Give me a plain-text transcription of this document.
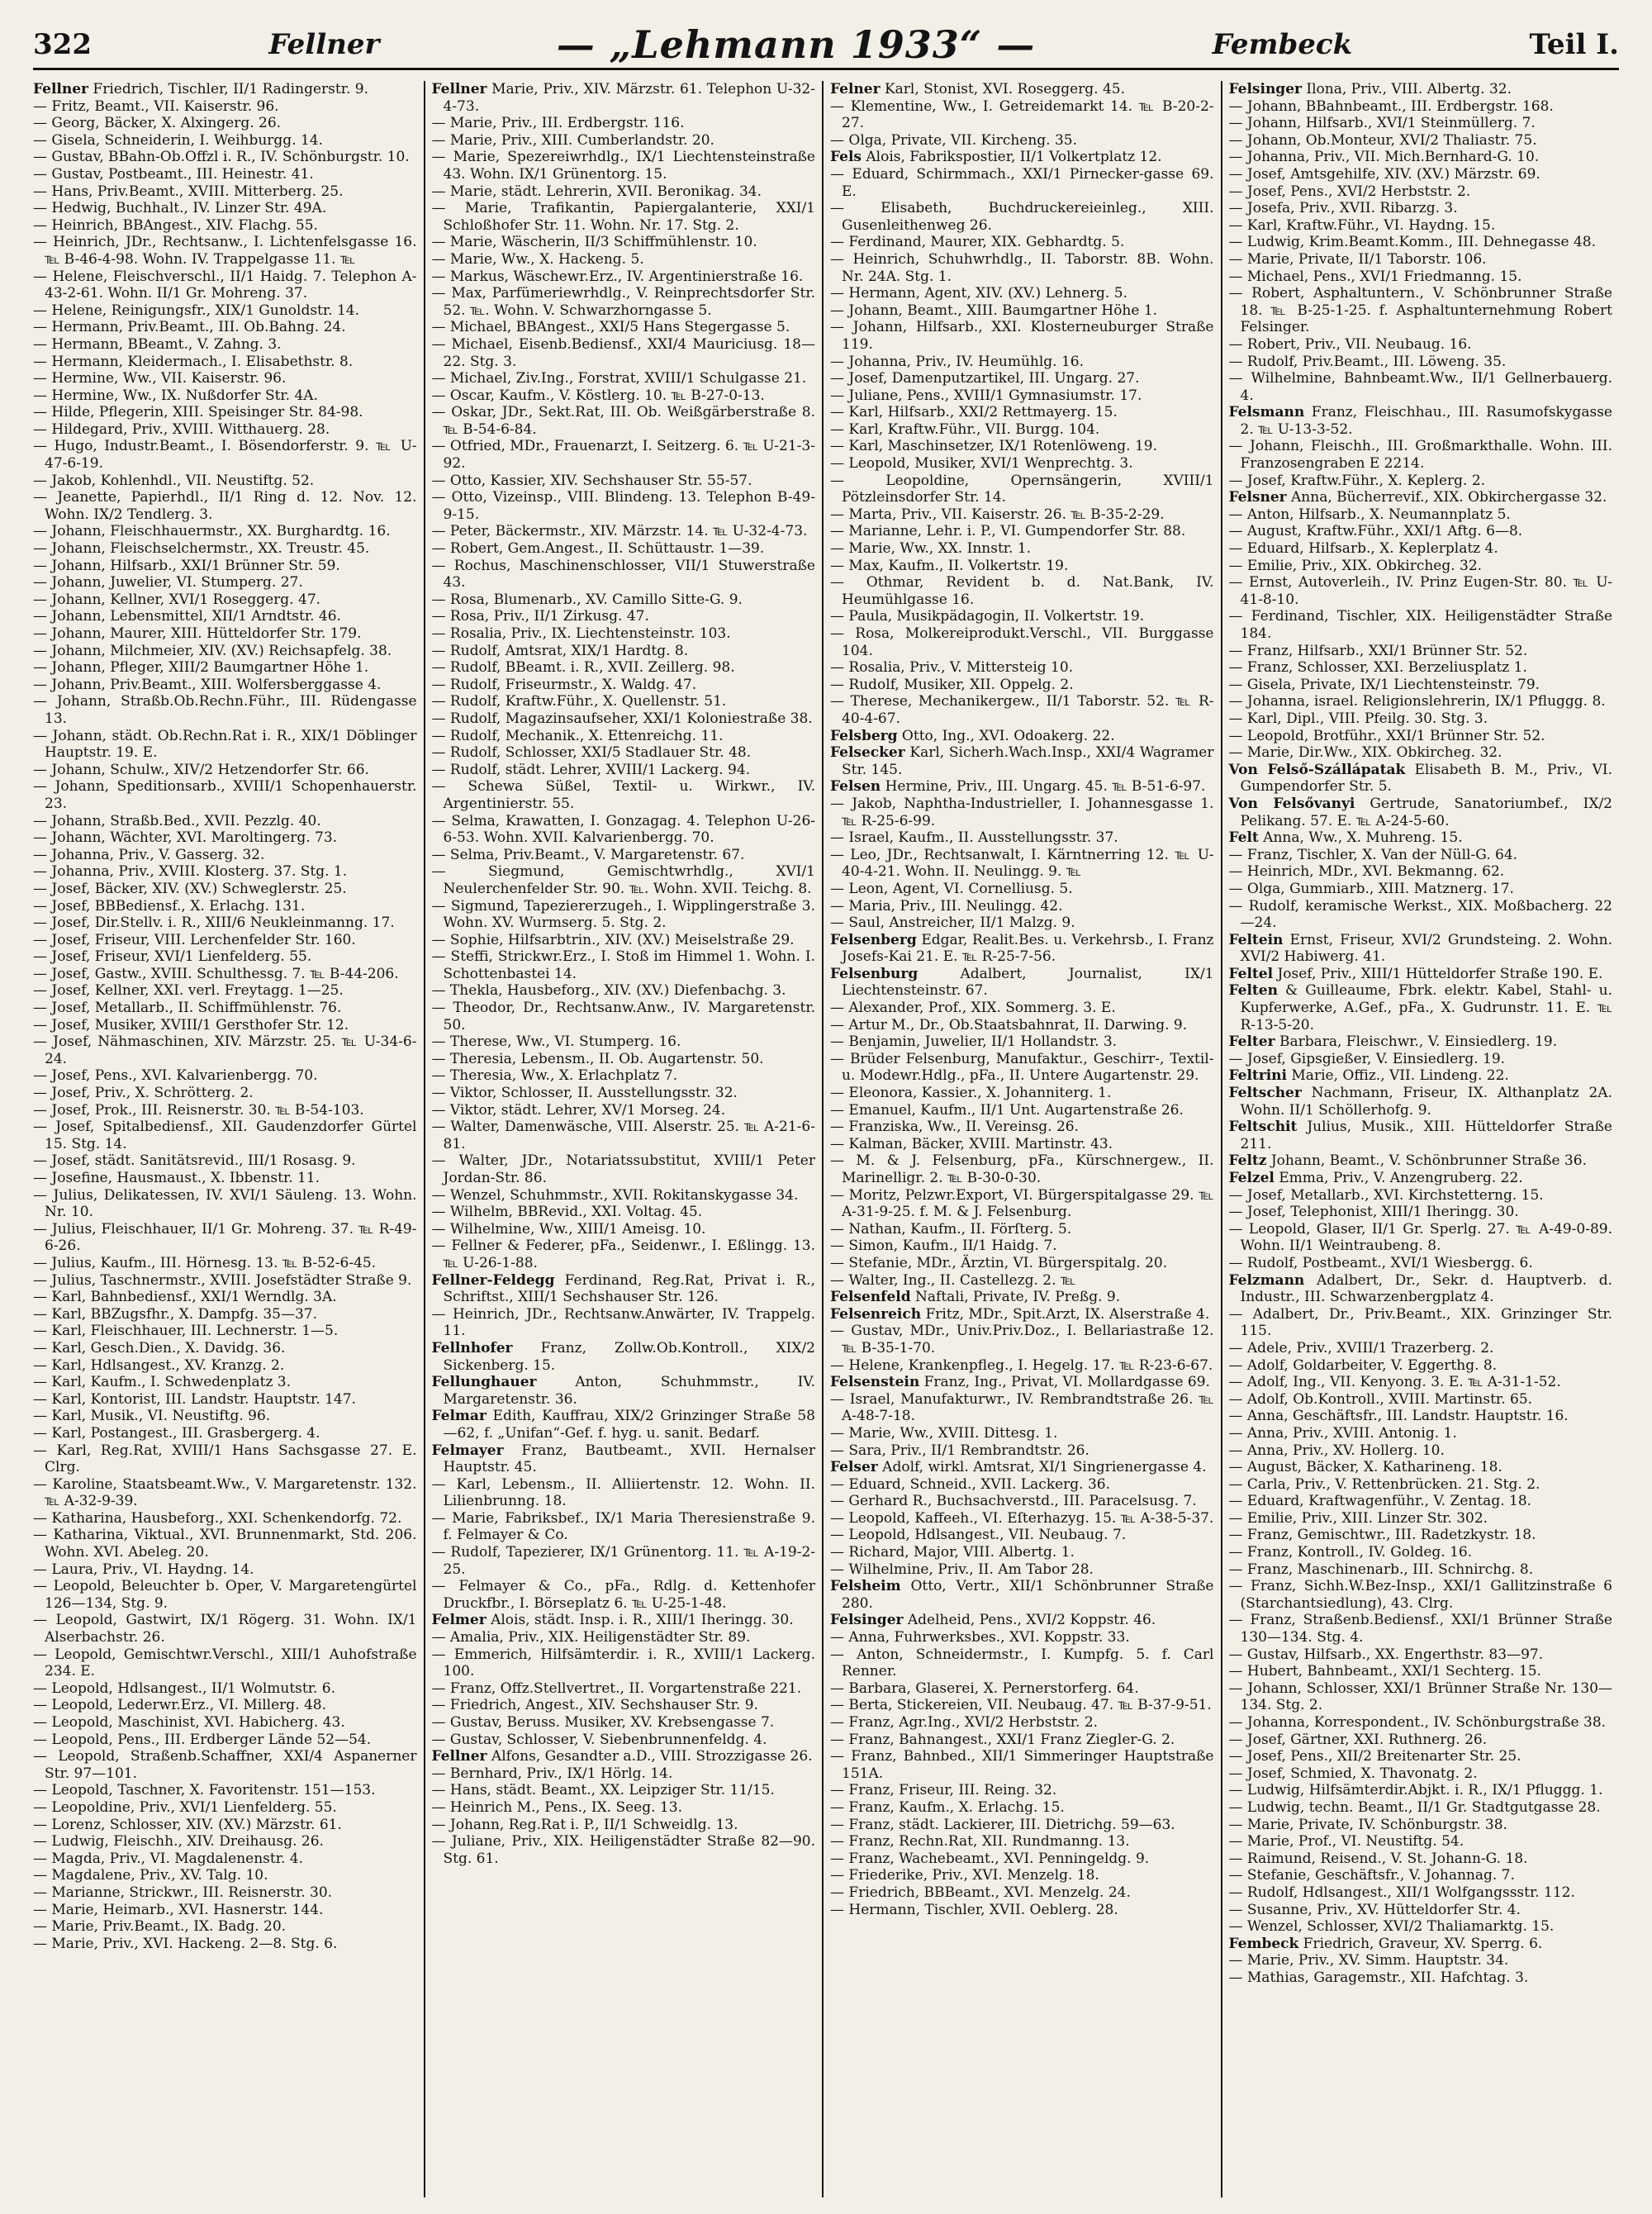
322	Fellner	— „Lehmann 1933“ —	Fembeck	Teil I.

Fellner Friedrich, Tischler, II/1 Radingerstr. 9.

— Fritz, Beamt., VII. Kaiserstr. 96.

— Georg, Bäcker, X. Alxingerg. 26.

— Gisela, Schneiderin, I. Weihburgg. 14.

— Gustav, BBahn-Ob.Offzl i. R., IV. Schönburgstr. 10.

— Gustav, Postbeamt., III. Heinestr. 41.

— Hans, Priv.Beamt., XVIII. Mitterberg. 25.

— Hedwig, Buchhalt., IV. Linzer Str. 49A.

— Heinrich, BBAngest., XIV. Flachg. 55.

— Heinrich, JDr., Rechtsanw., I. Lichtenfelsgasse 16. ℡ B-46-4-98. Wohn. IV. Trappelgasse 11. ℡

— Helene, Fleischverschl., II/1 Haidg. 7. Telephon A-43-2-61. Wohn. II/1 Gr. Mohreng. 37.

— Helene, Reinigungsfr., XIX/1 Gunoldstr. 14.

— Hermann, Priv.Beamt., III. Ob.Bahng. 24.

— Hermann, BBeamt., V. Zahng. 3.

— Hermann, Kleidermach., I. Elisabethstr. 8.

— Hermine, Ww., VII. Kaiserstr. 96.

— Hermine, Ww., IX. Nußdorfer Str. 4A.

— Hilde, Pflegerin, XIII. Speisinger Str. 84-98.

— Hildegard, Priv., XVIII. Witthauerg. 28.

— Hugo, Industr.Beamt., I. Bösendorferstr. 9. ℡ U-47-6-19.

— Jakob, Kohlenhdl., VII. Neustiftg. 52.

— Jeanette, Papierhdl., II/1 Ring d. 12. Nov. 12. Wohn. IX/2 Tendlerg. 3.

— Johann, Fleischhauermstr., XX. Burghardtg. 16.

— Johann, Fleischselchermstr., XX. Treustr. 45.

— Johann, Hilfsarb., XXI/1 Brünner Str. 59.

— Johann, Juwelier, VI. Stumperg. 27.

— Johann, Kellner, XVI/1 Roseggerg. 47.

— Johann, Lebensmittel, XII/1 Arndtstr. 46.

— Johann, Maurer, XIII. Hütteldorfer Str. 179.

— Johann, Milchmeier, XIV. (XV.) Reichsapfelg. 38.

— Johann, Pfleger, XIII/2 Baumgartner Höhe 1.

— Johann, Priv.Beamt., XIII. Wolfersberggasse 4.

— Johann, Straßb.Ob.Rechn.Führ., III. Rüdengasse 13.

— Johann, städt. Ob.Rechn.Rat i. R., XIX/1 Döblinger Hauptstr. 19. E.

— Johann, Schulw., XIV/2 Hetzendorfer Str. 66.

— Johann, Speditionsarb., XVIII/1 Schopenhauerstr. 23.

— Johann, Straßb.Bed., XVII. Pezzlg. 40.

— Johann, Wächter, XVI. Maroltingerg. 73.

— Johanna, Priv., V. Gasserg. 32.

— Johanna, Priv., XVIII. Klosterg. 37. Stg. 1.

— Josef, Bäcker, XIV. (XV.) Schweglerstr. 25.

— Josef, BBBediensf., X. Erlachg. 131.

— Josef, Dir.Stellv. i. R., XIII/6 Neukleinmanng. 17.

— Josef, Friseur, VIII. Lerchenfelder Str. 160.

— Josef, Friseur, XVI/1 Lienfelderg. 55.

— Josef, Gastw., XVIII. Schulthessg. 7. ℡ B-44-206.

— Josef, Kellner, XXI. verl. Freytagg. 1—25.

— Josef, Metallarb., II. Schiffmühlenstr. 76.

— Josef, Musiker, XVIII/1 Gersthofer Str. 12.

— Josef, Nähmaschinen, XIV. Märzstr. 25. ℡ U-34-6-24.

— Josef, Pens., XVI. Kalvarienbergg. 70.

— Josef, Priv., X. Schrötterg. 2.

— Josef, Prok., III. Reisnerstr. 30. ℡ B-54-103.

— Josef, Spitalbediensf., XII. Gaudenzdorfer Gürtel 15. Stg. 14.

— Josef, städt. Sanitätsrevid., III/1 Rosasg. 9.

— Josefine, Hausmaust., X. Ibbenstr. 11.

— Julius, Delikatessen, IV. XVI/1 Säuleng. 13. Wohn. Nr. 10.

— Julius, Fleischhauer, II/1 Gr. Mohreng. 37. ℡ R-49-6-26.

— Julius, Kaufm., III. Hörnesg. 13. ℡ B-52-6-45.

— Julius, Taschnermstr., XVIII. Josefstädter Straße 9.

— Karl, Bahnbediensf., XXI/1 Werndlg. 3A.

— Karl, BBZugsfhr., X. Dampfg. 35—37.

— Karl, Fleischhauer, III. Lechnerstr. 1—5.

— Karl, Gesch.Dien., X. Davidg. 36.

— Karl, Hdlsangest., XV. Kranzg. 2.

— Karl, Kaufm., I. Schwedenplatz 3.

— Karl, Kontorist, III. Landstr. Hauptstr. 147.

— Karl, Musik., VI. Neustiftg. 96.

— Karl, Postangest., III. Grasbergerg. 4.

— Karl, Reg.Rat, XVIII/1 Hans Sachsgasse 27. E. Clrg.

— Karoline, Staatsbeamt.Ww., V. Margaretenstr. 132. ℡ A-32-9-39.

— Katharina, Hausbeforg., XXI. Schenkendorfg. 72.

— Katharina, Viktual., XVI. Brunnenmarkt, Std. 206. Wohn. XVI. Abeleg. 20.

— Laura, Priv., VI. Haydng. 14.

— Leopold, Beleuchter b. Oper, V. Margaretengürtel 126—134, Stg. 9.

— Leopold, Gastwirt, IX/1 Rögerg. 31. Wohn. IX/1 Alserbachstr. 26.

— Leopold, Gemischtwr.Verschl., XIII/1 Auhofstraße 234. E.

— Leopold, Hdlsangest., II/1 Wolmutstr. 6.

— Leopold, Lederwr.Erz., VI. Millerg. 48.

— Leopold, Maschinist, XVI. Habicherg. 43.

— Leopold, Pens., III. Erdberger Lände 52—54.

— Leopold, Straßenb.Schaffner, XXI/4 Aspanerner Str. 97—101.

— Leopold, Taschner, X. Favoritenstr. 151—153.

— Leopoldine, Priv., XVI/1 Lienfelderg. 55.

— Lorenz, Schlosser, XIV. (XV.) Märzstr. 61.

— Ludwig, Fleischh., XIV. Dreihausg. 26.

— Magda, Priv., VI. Magdalenenstr. 4.

— Magdalene, Priv., XV. Talg. 10.

— Marianne, Strickwr., III. Reisnerstr. 30.

— Marie, Heimarb., XVI. Hasnerstr. 144.

— Marie, Priv.Beamt., IX. Badg. 20.

— Marie, Priv., XVI. Hackeng. 2—8. Stg. 6.

Fellner Marie, Priv., XIV. Märzstr. 61. Telephon U-32-4-73.

— Marie, Priv., III. Erdbergstr. 116.

— Marie, Priv., XIII. Cumberlandstr. 20.

— Marie, Spezereiwrhdlg., IX/1 Liechtensteinstraße 43. Wohn. IX/1 Grünentorg. 15.

— Marie, städt. Lehrerin, XVII. Beronikag. 34.

— Marie, Trafikantin, Papiergalanterie, XXI/1 Schloßhofer Str. 11. Wohn. Nr. 17. Stg. 2.

— Marie, Wäscherin, II/3 Schiffmühlenstr. 10.

— Marie, Ww., X. Hackeng. 5.

— Markus, Wäschewr.Erz., IV. Argentinierstraße 16.

— Max, Parfümeriewrhdlg., V. Reinprechtsdorfer Str. 52. ℡. Wohn. V. Schwarzhorngasse 5.

— Michael, BBAngest., XXI/5 Hans Stegergasse 5.

— Michael, Eisenb.Bediensf., XXI/4 Mauriciusg. 18—22. Stg. 3.

— Michael, Ziv.Ing., Forstrat, XVIII/1 Schulgasse 21.

— Oscar, Kaufm., V. Köstlerg. 10. ℡ B-27-0-13.

— Oskar, JDr., Sekt.Rat, III. Ob. Weißgärberstraße 8. ℡ B-54-6-84.

— Otfried, MDr., Frauenarzt, I. Seitzerg. 6. ℡ U-21-3-92.

— Otto, Kassier, XIV. Sechshauser Str. 55-57.

— Otto, Vizeinsp., VIII. Blindeng. 13. Telephon B-49-9-15.

— Peter, Bäckermstr., XIV. Märzstr. 14. ℡ U-32-4-73.

— Robert, Gem.Angest., II. Schüttaustr. 1—39.

— Rochus, Maschinenschlosser, VII/1 Stuwerstraße 43.

— Rosa, Blumenarb., XV. Camillo Sitte-G. 9.

— Rosa, Priv., II/1 Zirkusg. 47.

— Rosalia, Priv., IX. Liechtensteinstr. 103.

— Rudolf, Amtsrat, XIX/1 Hardtg. 8.

— Rudolf, BBeamt. i. R., XVII. Zeillerg. 98.

— Rudolf, Friseurmstr., X. Waldg. 47.

— Rudolf, Kraftw.Führ., X. Quellenstr. 51.

— Rudolf, Magazinsaufseher, XXI/1 Koloniestraße 38.

— Rudolf, Mechanik., X. Ettenreichg. 11.

— Rudolf, Schlosser, XXI/5 Stadlauer Str. 48.

— Rudolf, städt. Lehrer, XVIII/1 Lackerg. 94.

— Schewa Süßel, Textil- u. Wirkwr., IV. Argentinierstr. 55.

— Selma, Krawatten, I. Gonzagag. 4. Telephon U-26-6-53. Wohn. XVII. Kalvarienbergg. 70.

— Selma, Priv.Beamt., V. Margaretenstr. 67.

— Siegmund, Gemischtwrhdlg., XVI/1 Neulerchenfelder Str. 90. ℡. Wohn. XVII. Teichg. 8.

— Sigmund, Tapeziererzugeh., I. Wipplingerstraße 3. Wohn. XV. Wurmserg. 5. Stg. 2.

— Sophie, Hilfsarbtrin., XIV. (XV.) Meiselstraße 29.

— Steffi, Strickwr.Erz., I. Stoß im Himmel 1. Wohn. I. Schottenbastei 14.

— Thekla, Hausbeforg., XIV. (XV.) Diefenbachg. 3.

— Theodor, Dr., Rechtsanw.Anw., IV. Margaretenstr. 50.

— Therese, Ww., VI. Stumperg. 16.

— Theresia, Lebensm., II. Ob. Augartenstr. 50.

— Theresia, Ww., X. Erlachplatz 7.

— Viktor, Schlosser, II. Ausstellungsstr. 32.

— Viktor, städt. Lehrer, XV/1 Morseg. 24.

— Walter, Damenwäsche, VIII. Alserstr. 25. ℡ A-21-6-81.

— Walter, JDr., Notariatssubstitut, XVIII/1 Peter Jordan-Str. 86.

— Wenzel, Schuhmmstr., XVII. Rokitanskygasse 34.

— Wilhelm, BBRevid., XXI. Voltag. 45.

— Wilhelmine, Ww., XIII/1 Ameisg. 10.

— Fellner & Federer, pFa., Seidenwr., I. Eßlingg. 13. ℡ U-26-1-88.

Fellner-Feldegg Ferdinand, Reg.Rat, Privat i. R., Schriftst., XIII/1 Sechshauser Str. 126.

— Heinrich, JDr., Rechtsanw.Anwärter, IV. Trappelg. 11.

Fellnhofer Franz, Zollw.Ob.Kontroll., XIX/2 Sickenberg. 15.

Fellunghauer Anton, Schuhmmstr., IV. Margaretenstr. 36.

Felmar Edith, Kauffrau, XIX/2 Grinzinger Straße 58—62, f. „Unifan“-Gef. f. hyg. u. sanit. Bedarf.

Felmayer Franz, Bautbeamt., XVII. Hernalser Hauptstr. 45.

— Karl, Lebensm., II. Alliiertenstr. 12. Wohn. II. Lilienbrunng. 18.

— Marie, Fabriksbef., IX/1 Maria Theresienstraße 9. f. Felmayer & Co.

— Rudolf, Tapezierer, IX/1 Grünentorg. 11. ℡ A-19-2-25.

— Felmayer & Co., pFa., Rdlg. d. Kettenhofer Druckfbr., I. Börseplatz 6. ℡ U-25-1-48.

Felmer Alois, städt. Insp. i. R., XIII/1 Iheringg. 30.

— Amalia, Priv., XIX. Heiligenstädter Str. 89.

— Emmerich, Hilfsämterdir. i. R., XVIII/1 Lackerg. 100.

— Franz, Offz.Stellvertret., II. Vorgartenstraße 221.

— Friedrich, Angest., XIV. Sechshauser Str. 9.

— Gustav, Beruss. Musiker, XV. Krebsengasse 7.

— Gustav, Schlosser, V. Siebenbrunnenfeldg. 4.

Fellner Alfons, Gesandter a.D., VIII. Strozzigasse 26.

— Bernhard, Priv., IX/1 Hörlg. 14.

— Hans, städt. Beamt., XX. Leipziger Str. 11/15.

— Heinrich M., Pens., IX. Seeg. 13.

— Johann, Reg.Rat i. P., II/1 Schweidlg. 13.

— Juliane, Priv., XIX. Heiligenstädter Straße 82—90. Stg. 61.

Felner Karl, Stonist, XVI. Roseggerg. 45.

— Klementine, Ww., I. Getreidemarkt 14. ℡ B-20-2-27.

— Olga, Private, VII. Kircheng. 35.

Fels Alois, Fabrikspostier, II/1 Volkertplatz 12.

— Eduard, Schirmmach., XXI/1 Pirnecker-gasse 69. E.

— Elisabeth, Buchdruckereieinleg., XIII. Gusenleithenweg 26.

— Ferdinand, Maurer, XIX. Gebhardtg. 5.

— Heinrich, Schuhwrhdlg., II. Taborstr. 8B. Wohn. Nr. 24A. Stg. 1.

— Hermann, Agent, XIV. (XV.) Lehnerg. 5.

— Johann, Beamt., XIII. Baumgartner Höhe 1.

— Johann, Hilfsarb., XXI. Klosterneuburger Straße 119.

— Johanna, Priv., IV. Heumühlg. 16.

— Josef, Damenputzartikel, III. Ungarg. 27.

— Juliane, Pens., XVIII/1 Gymnasiumstr. 17.

— Karl, Hilfsarb., XXI/2 Rettmayerg. 15.

— Karl, Kraftw.Führ., VII. Burgg. 104.

— Karl, Maschinsetzer, IX/1 Rotenlöweng. 19.

— Leopold, Musiker, XVI/1 Wenprechtg. 3.

— Leopoldine, Opernsängerin, XVIII/1 Pötzleinsdorfer Str. 14.

— Marta, Priv., VII. Kaiserstr. 26. ℡ B-35-2-29.

— Marianne, Lehr. i. P., VI. Gumpendorfer Str. 88.

— Marie, Ww., XX. Innstr. 1.

— Max, Kaufm., II. Volkertstr. 19.

— Othmar, Revident b. d. Nat.Bank, IV. Heumühlgasse 16.

— Paula, Musikpädagogin, II. Volkertstr. 19.

— Rosa, Molkereiprodukt.Verschl., VII. Burggasse 104.

— Rosalia, Priv., V. Mittersteig 10.

— Rudolf, Musiker, XII. Oppelg. 2.

— Therese, Mechanikergew., II/1 Taborstr. 52. ℡ R-40-4-67.

Felsberg Otto, Ing., XVI. Odoakerg. 22.

Felsecker Karl, Sicherh.Wach.Insp., XXI/4 Wagramer Str. 145.

Felsen Hermine, Priv., III. Ungarg. 45. ℡ B-51-6-97.

— Jakob, Naphtha-Industrieller, I. Johannesgasse 1. ℡ R-25-6-99.

— Israel, Kaufm., II. Ausstellungsstr. 37.

— Leo, JDr., Rechtsanwalt, I. Kärntnerring 12. ℡ U-40-4-21. Wohn. II. Neulingg. 9. ℡

— Leon, Agent, VI. Cornelliusg. 5.

— Maria, Priv., III. Neulingg. 42.

— Saul, Anstreicher, II/1 Malzg. 9.

Felsenberg Edgar, Realit.Bes. u. Verkehrsb., I. Franz Josefs-Kai 21. E. ℡ R-25-7-56.

Felsenburg Adalbert, Journalist, IX/1 Liechtensteinstr. 67.

— Alexander, Prof., XIX. Sommerg. 3. E.

— Artur M., Dr., Ob.Staatsbahnrat, II. Darwing. 9.

— Benjamin, Juwelier, II/1 Hollandstr. 3.

— Brüder Felsenburg, Manufaktur., Geschirr-, Textil- u. Modewr.Hdlg., pFa., II. Untere Augartenstr. 29.

— Eleonora, Kassier., X. Johanniterg. 1.

— Emanuel, Kaufm., II/1 Unt. Augartenstraße 26.

— Franziska, Ww., II. Vereinsg. 26.

— Kalman, Bäcker, XVIII. Martinstr. 43.

— M. & J. Felsenburg, pFa., Kürschnergew., II. Marinelligr. 2. ℡ B-30-0-30.

— Moritz, Pelzwr.Export, VI. Bürgerspitalgasse 29. ℡ A-31-9-25. f. M. & J. Felsenburg.

— Nathan, Kaufm., II. Förſterg. 5.

— Simon, Kaufm., II/1 Haidg. 7.

— Stefanie, MDr., Ärztin, VI. Bürgerspitalg. 20.

— Walter, Ing., II. Castellezg. 2. ℡

Felsenfeld Naftali, Private, IV. Preßg. 9.

Felsenreich Fritz, MDr., Spit.Arzt, IX. Alserstraße 4.

— Gustav, MDr., Univ.Priv.Doz., I. Bellariastraße 12. ℡ B-35-1-70.

— Helene, Krankenpfleg., I. Hegelg. 17. ℡ R-23-6-67.

Felsenstein Franz, Ing., Privat, VI. Mollardgasse 69.

— Israel, Manufakturwr., IV. Rembrandtstraße 26. ℡ A-48-7-18.

— Marie, Ww., XVIII. Dittesg. 1.

— Sara, Priv., II/1 Rembrandtstr. 26.

Felser Adolf, wirkl. Amtsrat, XI/1 Singrienergasse 4.

— Eduard, Schneid., XVII. Lackerg. 36.

— Gerhard R., Buchsachverstd., III. Paracelsusg. 7.

— Leopold, Kaffeeh., VI. Eſterhazyg. 15. ℡ A-38-5-37.

— Leopold, Hdlsangest., VII. Neubaug. 7.

— Richard, Major, VIII. Albertg. 1.

— Wilhelmine, Priv., II. Am Tabor 28.

Felsheim Otto, Vertr., XII/1 Schönbrunner Straße 280.

Felsinger Adelheid, Pens., XVI/2 Koppstr. 46.

— Anna, Fuhrwerksbes., XVI. Koppstr. 33.

— Anton, Schneidermstr., I. Kumpfg. 5. f. Carl Renner.

— Barbara, Glaserei, X. Pernerstorferg. 64.

— Berta, Stickereien, VII. Neubaug. 47. ℡ B-37-9-51.

— Franz, Agr.Ing., XVI/2 Herbststr. 2.

— Franz, Bahnangest., XXI/1 Franz Ziegler-G. 2.

— Franz, Bahnbed., XII/1 Simmeringer Hauptstraße 151A.

— Franz, Friseur, III. Reing. 32.

— Franz, Kaufm., X. Erlachg. 15.

— Franz, städt. Lackierer, III. Dietrichg. 59—63.

— Franz, Rechn.Rat, XII. Rundmanng. 13.

— Franz, Wachebeamt., XVI. Penningeldg. 9.

— Friederike, Priv., XVI. Menzelg. 18.

— Friedrich, BBBeamt., XVI. Menzelg. 24.

— Hermann, Tischler, XVII. Oeblerg. 28.

Felsinger Ilona, Priv., VIII. Albertg. 32.

— Johann, BBahnbeamt., III. Erdbergstr. 168.

— Johann, Hilfsarb., XVI/1 Steinmüllerg. 7.

— Johann, Ob.Monteur, XVI/2 Thaliastr. 75.

— Johanna, Priv., VII. Mich.Bernhard-G. 10.

— Josef, Amtsgehilfe, XIV. (XV.) Märzstr. 69.

— Josef, Pens., XVI/2 Herbststr. 2.

— Josefa, Priv., XVII. Ribarzg. 3.

— Karl, Kraftw.Führ., VI. Haydng. 15.

— Ludwig, Krim.Beamt.Komm., III. Dehnegasse 48.

— Marie, Private, II/1 Taborstr. 106.

— Michael, Pens., XVI/1 Friedmanng. 15.

— Robert, Asphaltuntern., V. Schönbrunner Straße 18. ℡ B-25-1-25. f. Asphaltunternehmung Robert Felsinger.

— Robert, Priv., VII. Neubaug. 16.

— Rudolf, Priv.Beamt., III. Löweng. 35.

— Wilhelmine, Bahnbeamt.Ww., II/1 Gellnerbauerg. 4.

Felsmann Franz, Fleischhau., III. Rasumofskygasse 2. ℡ U-13-3-52.

— Johann, Fleischh., III. Großmarkthalle. Wohn. III. Franzosengraben E 2214.

— Josef, Kraftw.Führ., X. Keplerg. 2.

Felsner Anna, Bücherrevif., XIX. Obkirchergasse 32.

— Anton, Hilfsarb., X. Neumannplatz 5.

— August, Kraftw.Führ., XXI/1 Aftg. 6—8.

— Eduard, Hilfsarb., X. Keplerplatz 4.

— Emilie, Priv., XIX. Obkircheg. 32.

— Ernst, Autoverleih., IV. Prinz Eugen-Str. 80. ℡ U-41-8-10.

— Ferdinand, Tischler, XIX. Heiligenstädter Straße 184.

— Franz, Hilfsarb., XXI/1 Brünner Str. 52.

— Franz, Schlosser, XXI. Berzeliusplatz 1.

— Gisela, Private, IX/1 Liechtensteinstr. 79.

— Johanna, israel. Religionslehrerin, IX/1 Pfluggg. 8.

— Karl, Dipl., VIII. Pfeilg. 30. Stg. 3.

— Leopold, Brotführ., XXI/1 Brünner Str. 52.

— Marie, Dir.Ww., XIX. Obkircheg. 32.

Von Felső-Szállápatak Elisabeth B. M., Priv., VI. Gumpendorfer Str. 5.

Von Felsővanyi Gertrude, Sanatoriumbef., IX/2 Pelikang. 57. E. ℡ A-24-5-60.

Felt Anna, Ww., X. Muhreng. 15.

— Franz, Tischler, X. Van der Nüll-G. 64.

— Heinrich, MDr., XVI. Bekmanng. 62.

— Olga, Gummiarb., XIII. Matznerg. 17.

— Rudolf, keramische Werkst., XIX. Moßbacherg. 22—24.

Feltein Ernst, Friseur, XVI/2 Grundsteing. 2. Wohn. XVI/2 Habiwerg. 41.

Feltel Josef, Priv., XIII/1 Hütteldorfer Straße 190. E.

Felten & Guilleaume, Fbrk. elektr. Kabel, Stahl- u. Kupferwerke, A.Gef., pFa., X. Gudrunstr. 11. E. ℡ R-13-5-20.

Felter Barbara, Fleischwr., V. Einsiedlerg. 19.

— Josef, Gipsgießer, V. Einsiedlerg. 19.

Feltrini Marie, Offiz., VII. Lindeng. 22.

Feltscher Nachmann, Friseur, IX. Althanplatz 2A. Wohn. II/1 Schöllerhofg. 9.

Feltschit Julius, Musik., XIII. Hütteldorfer Straße 211.

Feltz Johann, Beamt., V. Schönbrunner Straße 36.

Felzel Emma, Priv., V. Anzengruberg. 22.

— Josef, Metallarb., XVI. Kirchstetterng. 15.

— Josef, Telephonist, XIII/1 Iheringg. 30.

— Leopold, Glaser, II/1 Gr. Sperlg. 27. ℡ A-49-0-89. Wohn. II/1 Weintraubeng. 8.

— Rudolf, Postbeamt., XVI/1 Wiesbergg. 6.

Felzmann Adalbert, Dr., Sekr. d. Hauptverb. d. Industr., III. Schwarzenbergplatz 4.

— Adalbert, Dr., Priv.Beamt., XIX. Grinzinger Str. 115.

— Adele, Priv., XVIII/1 Trazerberg. 2.

— Adolf, Goldarbeiter, V. Eggerthg. 8.

— Adolf, Ing., VII. Kenyong. 3. E. ℡ A-31-1-52.

— Adolf, Ob.Kontroll., XVIII. Martinstr. 65.

— Anna, Geschäftsfr., III. Landstr. Hauptstr. 16.

— Anna, Priv., XVIII. Antonig. 1.

— Anna, Priv., XV. Hollerg. 10.

— August, Bäcker, X. Katharineng. 18.

— Carla, Priv., V. Rettenbrücken. 21. Stg. 2.

— Eduard, Kraftwagenführ., V. Zentag. 18.

— Emilie, Priv., XIII. Linzer Str. 302.

— Franz, Gemischtwr., III. Radetzkystr. 18.

— Franz, Kontroll., IV. Goldeg. 16.

— Franz, Maschinenarb., III. Schnirchg. 8.

— Franz, Sichh.W.Bez-Insp., XXI/1 Gallitzinstraße 6 (Starchantsiedlung), 43. Clrg.

— Franz, Straßenb.Bediensf., XXI/1 Brünner Straße 130—134. Stg. 4.

— Gustav, Hilfsarb., XX. Engerthstr. 83—97.

— Hubert, Bahnbeamt., XXI/1 Sechterg. 15.

— Johann, Schlosser, XXI/1 Brünner Straße Nr. 130—134. Stg. 2.

— Johanna, Korrespondent., IV. Schönburgstraße 38.

— Josef, Gärtner, XXI. Ruthnerg. 26.

— Josef, Pens., XII/2 Breitenarter Str. 25.

— Josef, Schmied, X. Thavonatg. 2.

— Ludwig, Hilfsämterdir.Abjkt. i. R., IX/1 Pfluggg. 1.

— Ludwig, techn. Beamt., II/1 Gr. Stadtgutgasse 28.

— Marie, Private, IV. Schönburgstr. 38.

— Marie, Prof., VI. Neustiftg. 54.

— Raimund, Reisend., V. St. Johann-G. 18.

— Stefanie, Geschäftsfr., V. Johannag. 7.

— Rudolf, Hdlsangest., XII/1 Wolfgangssstr. 112.

— Susanne, Priv., XV. Hütteldorfer Str. 4.

— Wenzel, Schlosser, XVI/2 Thaliamarktg. 15.

Fembeck Friedrich, Graveur, XV. Sperrg. 6.

— Marie, Priv., XV. Simm. Hauptstr. 34.

— Mathias, Garagemstr., XII. Hafchtag. 3.
